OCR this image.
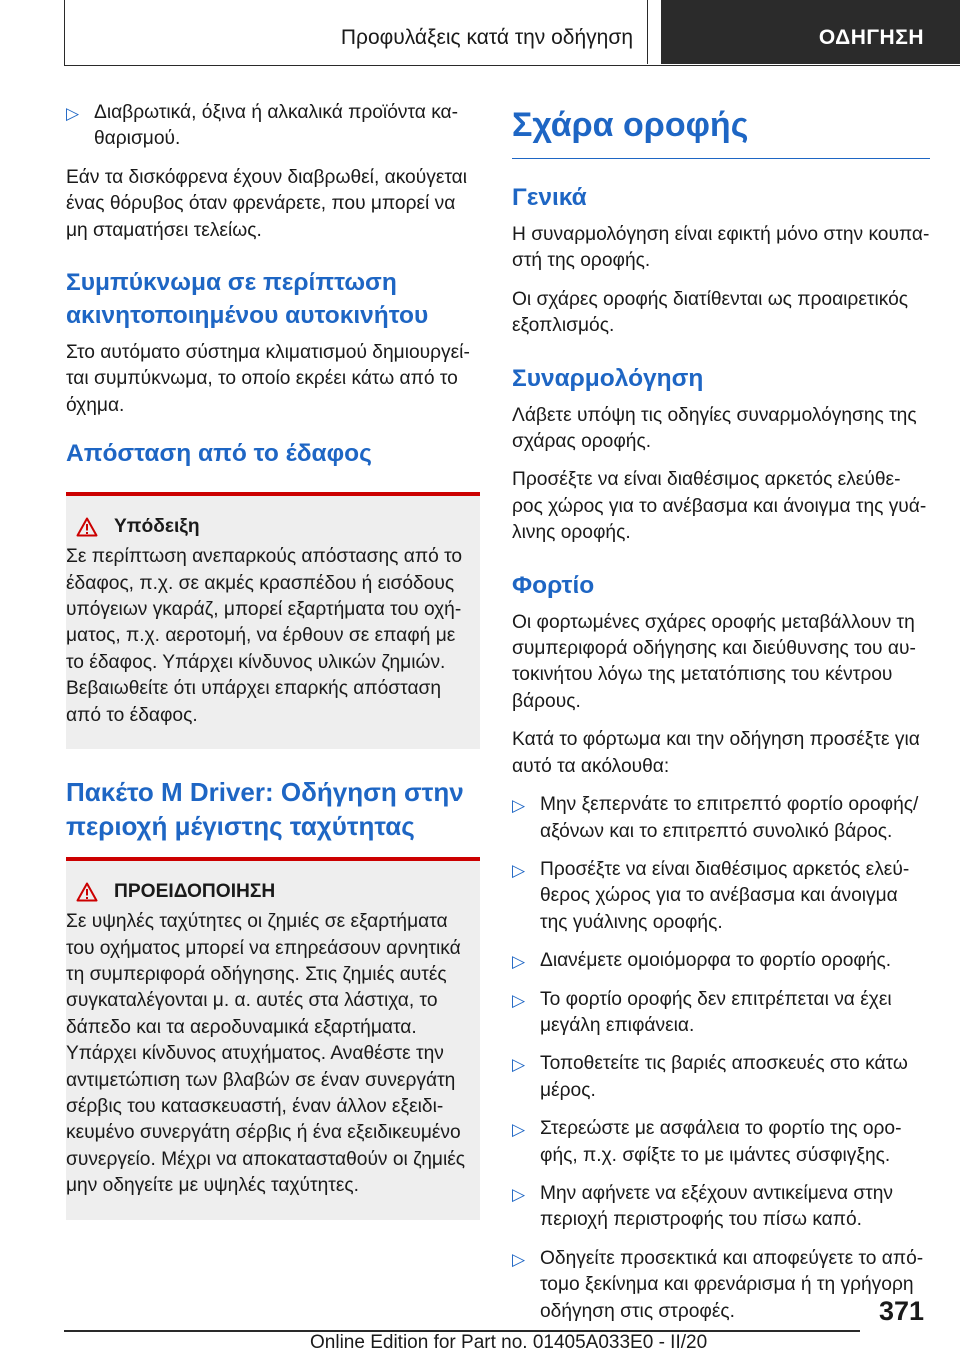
Προφυλάξεις κατά την οδήγηση	ΟΔΗΓΗΣΗ
▷ Διαβρωτικά, όξινα ή αλκαλικά προϊόντα κα‐θαρισμού.

Εάν τα δισκόφρενα έχουν διαβρωθεί, ακούγεται ένας θόρυβος όταν φρενάρετε, που μπορεί να μη σταματήσει τελείως.

Συμπύκνωμα σε περίπτωση ακινητοποιημένου αυτοκινήτου

Στο αυτόματο σύστημα κλιματισμού δημιουργεί‐ται συμπύκνωμα, το οποίο εκρέει κάτω από το όχημα.

Απόσταση από το έδαφος
Υπόδειξη

Σε περίπτωση ανεπαρκούς απόστασης από το έδαφος, π.χ. σε ακμές κρασπέδου ή εισόδους υπόγειων γκαράζ, μπορεί εξαρτήματα του οχή‐ματος, π.χ. αεροτομή, να έρθουν σε επαφή με το έδαφος. Υπάρχει κίνδυνος υλικών ζημιών. Βεβαιωθείτε ότι υπάρχει επαρκής απόσταση από το έδαφος.

Πακέτο M Driver: Οδήγηση στην περιοχή μέγιστης ταχύτητας
ΠΡΟΕΙΔΟΠΟΙΗΣΗ

Σε υψηλές ταχύτητες οι ζημιές σε εξαρτήματα του οχήματος μπορεί να επηρεάσουν αρνητικά τη συμπεριφορά οδήγησης. Στις ζημιές αυτές συγκαταλέγονται μ. α. αυτές στα λάστιχα, το δάπεδο και τα αεροδυναμικά εξαρτήματα. Υπάρχει κίνδυνος ατυχήματος. Αναθέστε την αντιμετώπιση των βλαβών σε έναν συνεργάτη σέρβις του κατασκευαστή, έναν άλλον εξειδι‐κευμένο συνεργάτη σέρβις ή ένα εξειδικευμένο συνεργείο. Μέχρι να αποκατασταθούν οι ζημιές μην οδηγείτε με υψηλές ταχύτητες.

Σχάρα οροφής
Γενικά

Η συναρμολόγηση είναι εφικτή μόνο στην κουπα‐στή της οροφής.

Οι σχάρες οροφής διατίθενται ως προαιρετικός εξοπλισμός.

Συναρμολόγηση

Λάβετε υπόψη τις οδηγίες συναρμολόγησης της σχάρας οροφής.

Προσέξτε να είναι διαθέσιμος αρκετός ελεύθε‐ρος χώρος για το ανέβασμα και άνοιγμα της γυά‐λινης οροφής.

Φορτίο

Οι φορτωμένες σχάρες οροφής μεταβάλλουν τη συμπεριφορά οδήγησης και διεύθυνσης του αυ‐τοκινήτου λόγω της μετατόπισης του κέντρου βάρους.

Κατά το φόρτωμα και την οδήγηση προσέξτε για αυτό τα ακόλουθα:

▷ Μην ξεπερνάτε το επιτρεπτό φορτίο οροφής/ αξόνων και το επιτρεπτό συνολικό βάρος.
▷ Προσέξτε να είναι διαθέσιμος αρκετός ελεύ‐θερος χώρος για το ανέβασμα και άνοιγμα της γυάλινης οροφής.
▷ Διανέμετε ομοιόμορφα το φορτίο οροφής.
▷ Το φορτίο οροφής δεν επιτρέπεται να έχει μεγάλη επιφάνεια.
▷ Τοποθετείτε τις βαριές αποσκευές στο κάτω μέρος.
▷ Στερεώστε με ασφάλεια το φορτίο της ορο‐φής, π.χ. σφίξτε το με ιμάντες σύσφιγξης.
▷ Μην αφήνετε να εξέχουν αντικείμενα στην περιοχή περιστροφής του πίσω καπό.
▷ Οδηγείτε προσεκτικά και αποφεύγετε το από‐τομο ξεκίνημα και φρενάρισμα ή τη γρήγορη οδήγηση στις στροφές.	371
Online Edition for Part no. 01405A033E0 - II/20
